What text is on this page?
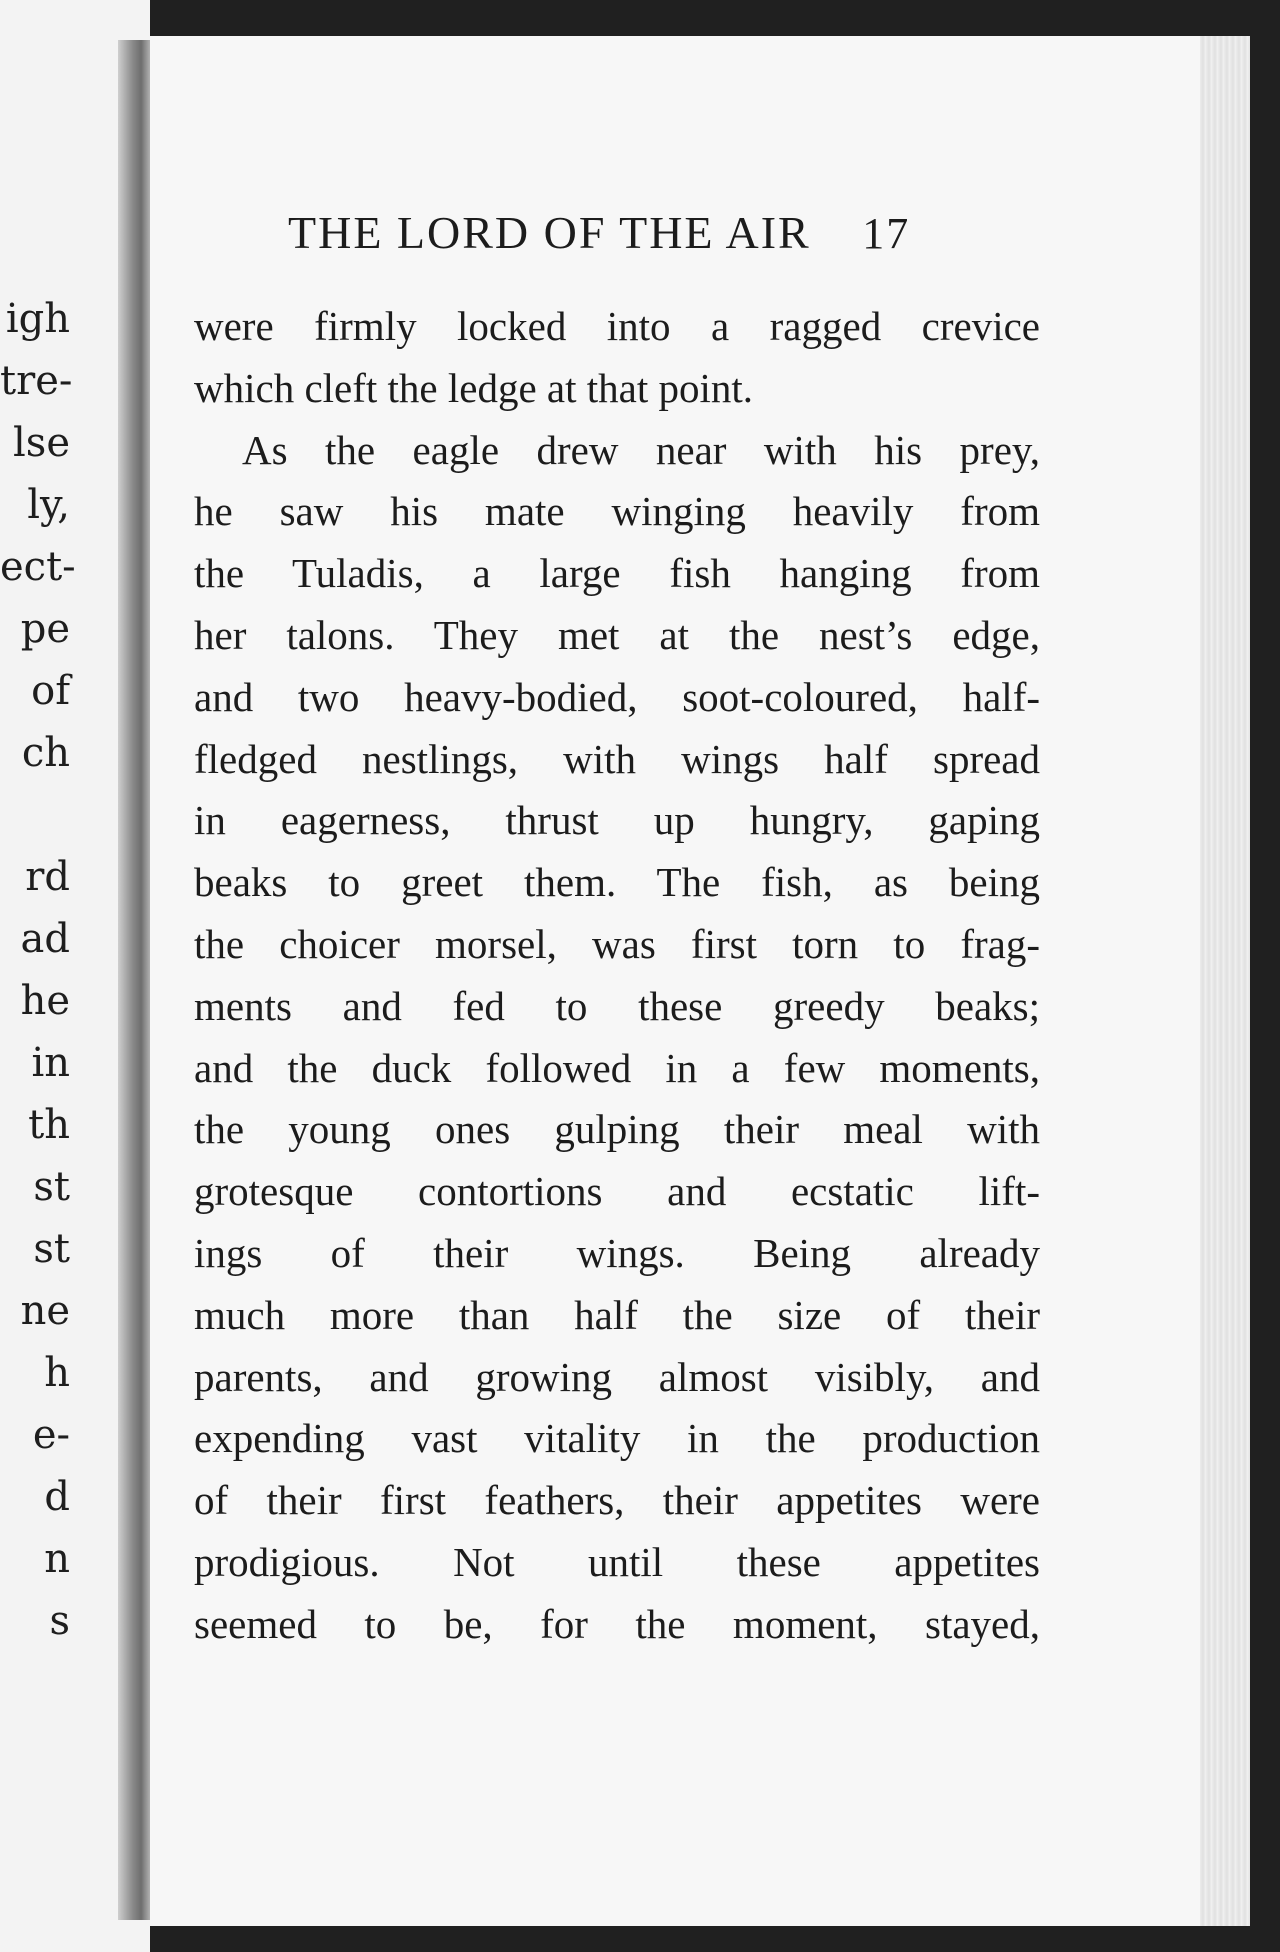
igh
tre-
lse
ly,
ect-
pe
of
ch
rd
ad
he
in
th
st
st
ne
h
e-
d
n
s
THE LORD OF THE AIR 17
were firmly locked into a ragged crevice
which cleft the ledge at that point.
As the eagle drew near with his prey,
he saw his mate winging heavily from
the Tuladis, a large fish hanging from
her talons. They met at the nest’s edge,
and two heavy-bodied, soot-coloured, half-
fledged nestlings, with wings half spread
in eagerness, thrust up hungry, gaping
beaks to greet them. The fish, as being
the choicer morsel, was first torn to frag-
ments and fed to these greedy beaks;
and the duck followed in a few moments,
the young ones gulping their meal with
grotesque contortions and ecstatic lift-
ings of their wings. Being already
much more than half the size of their
parents, and growing almost visibly, and
expending vast vitality in the production
of their first feathers, their appetites were
prodigious. Not until these appetites
seemed to be, for the moment, stayed,
